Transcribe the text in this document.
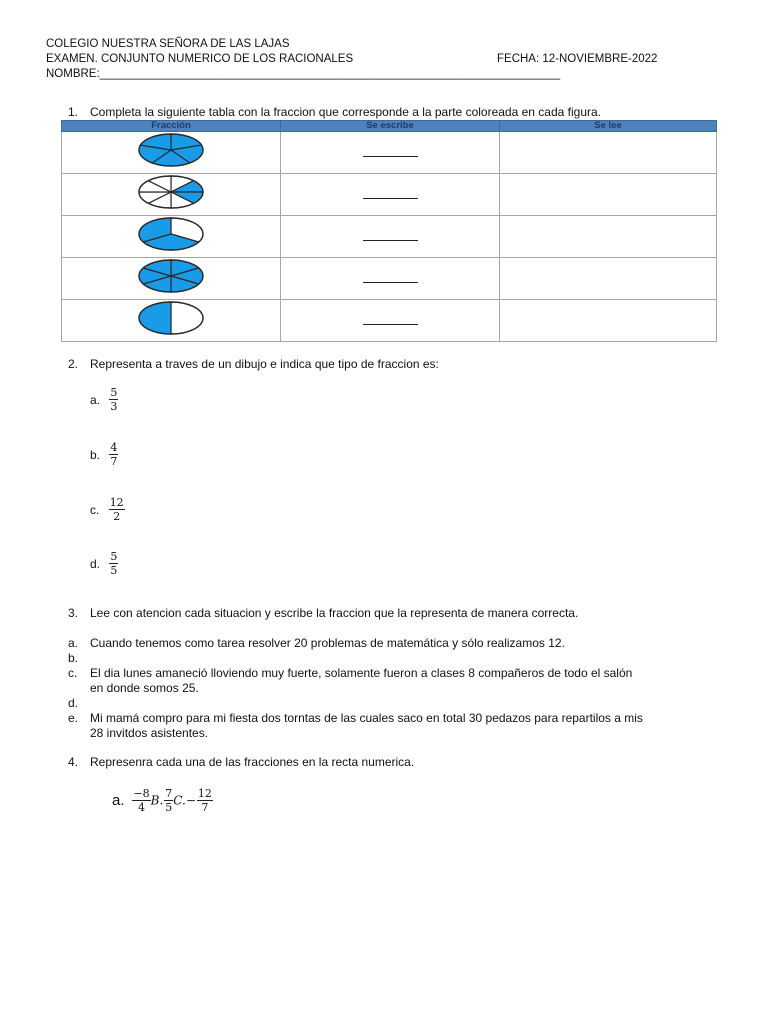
COLEGIO NUESTRA SEÑORA DE LAS LAJAS
EXAMEN. CONJUNTO NUMERICO DE LOS RACIONALES	FECHA: 12-NOVIEMBRE-2022
NOMBRE:________________________________________________________________________
1. Completa la siguiente tabla con la fraccion que corresponde a la parte coloreada en cada figura.
Fracción	Se escribe	Se lee

2. Representa a traves de un dibujo e indica que tipo de fraccion es:
a. $\frac{5}{3}$
b. $\frac{4}{7}$
c. $\frac{12}{2}$
d. $\frac{5}{5}$
3. Lee con atencion cada situacion y escribe la fraccion que la representa de manera correcta.
a. Cuando tenemos como tarea resolver 20 problemas de matemática y sólo realizamos 12.
b.
c. El dia lunes amaneció lloviendo muy fuerte, solamente fueron a clases 8 compañeros de todo el salón
en donde somos 25.
d.
e. Mi mamá compro para mi fiesta dos torntas de las cuales saco en total 30 pedazos para repartilos a mis
28 invitdos asistentes.
4. Represenra cada una de las fracciones en la recta numerica.
a. $\frac{-8}{4} B$. $\frac{7}{5} C.- \frac{12}{7}$
